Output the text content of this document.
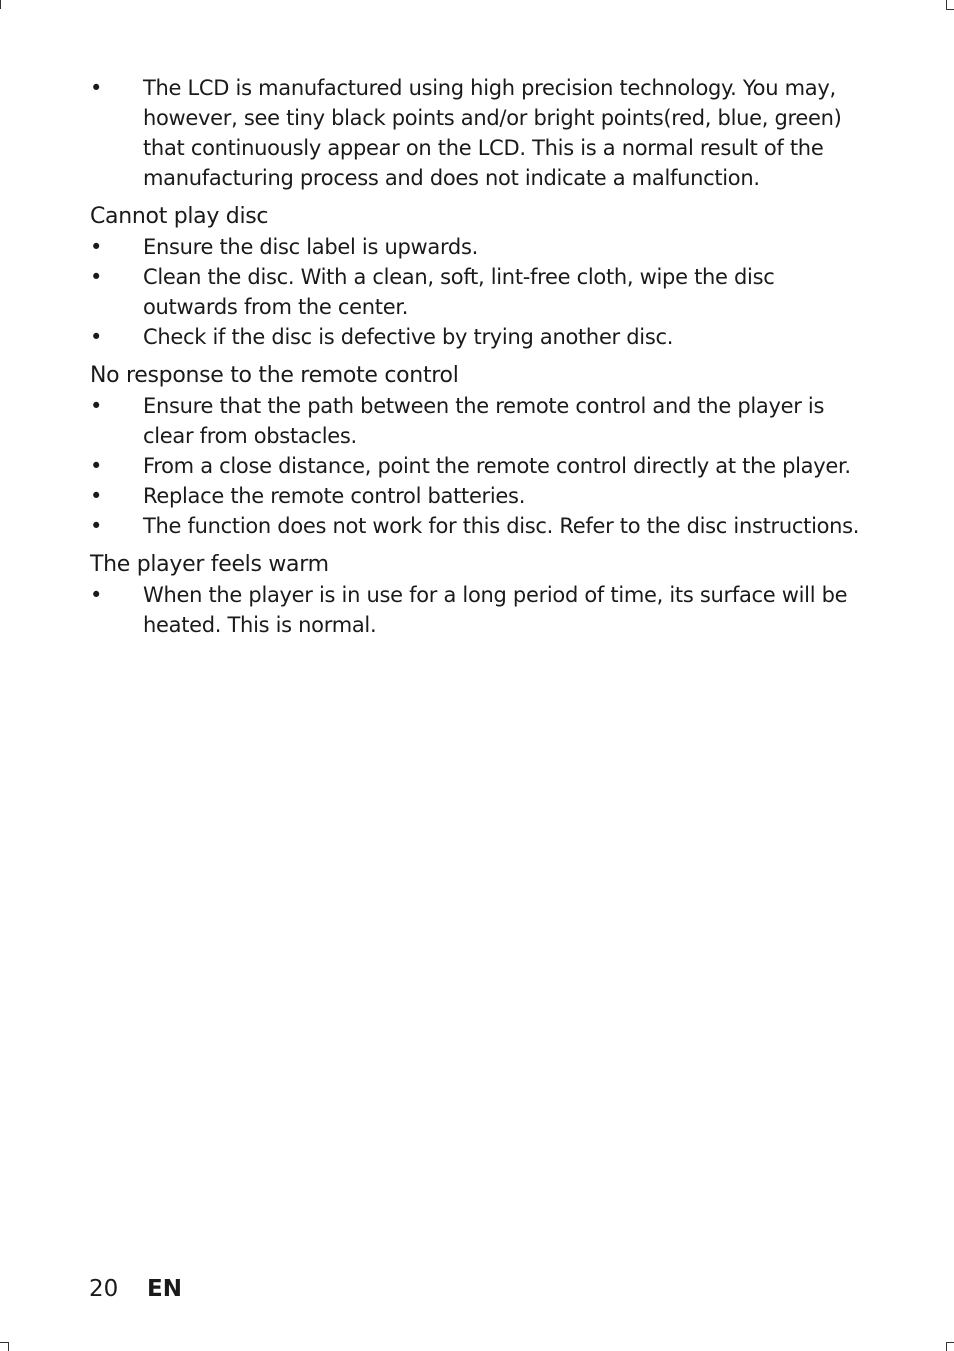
•	The LCD is manufactured using high precision technology. You may, however, see tiny black points and/or bright points(red, blue, green) that continuously appear on the LCD. This is a normal result of the manufacturing process and does not indicate a malfunction.
Cannot play disc
•	Ensure the disc label is upwards.
•	Clean the disc. With a clean, soft, lint-free cloth, wipe the disc outwards from the center.
•	Check if the disc is defective by trying another disc.
No response to the remote control
•	Ensure that the path between the remote control and the player is clear from obstacles.
•	From a close distance, point the remote control directly at the player.
•	Replace the remote control batteries.
•	The function does not work for this disc. Refer to the disc instructions.
The player feels warm
•	When the player is in use for a long period of time, its surface will be heated. This is normal.
20 EN
